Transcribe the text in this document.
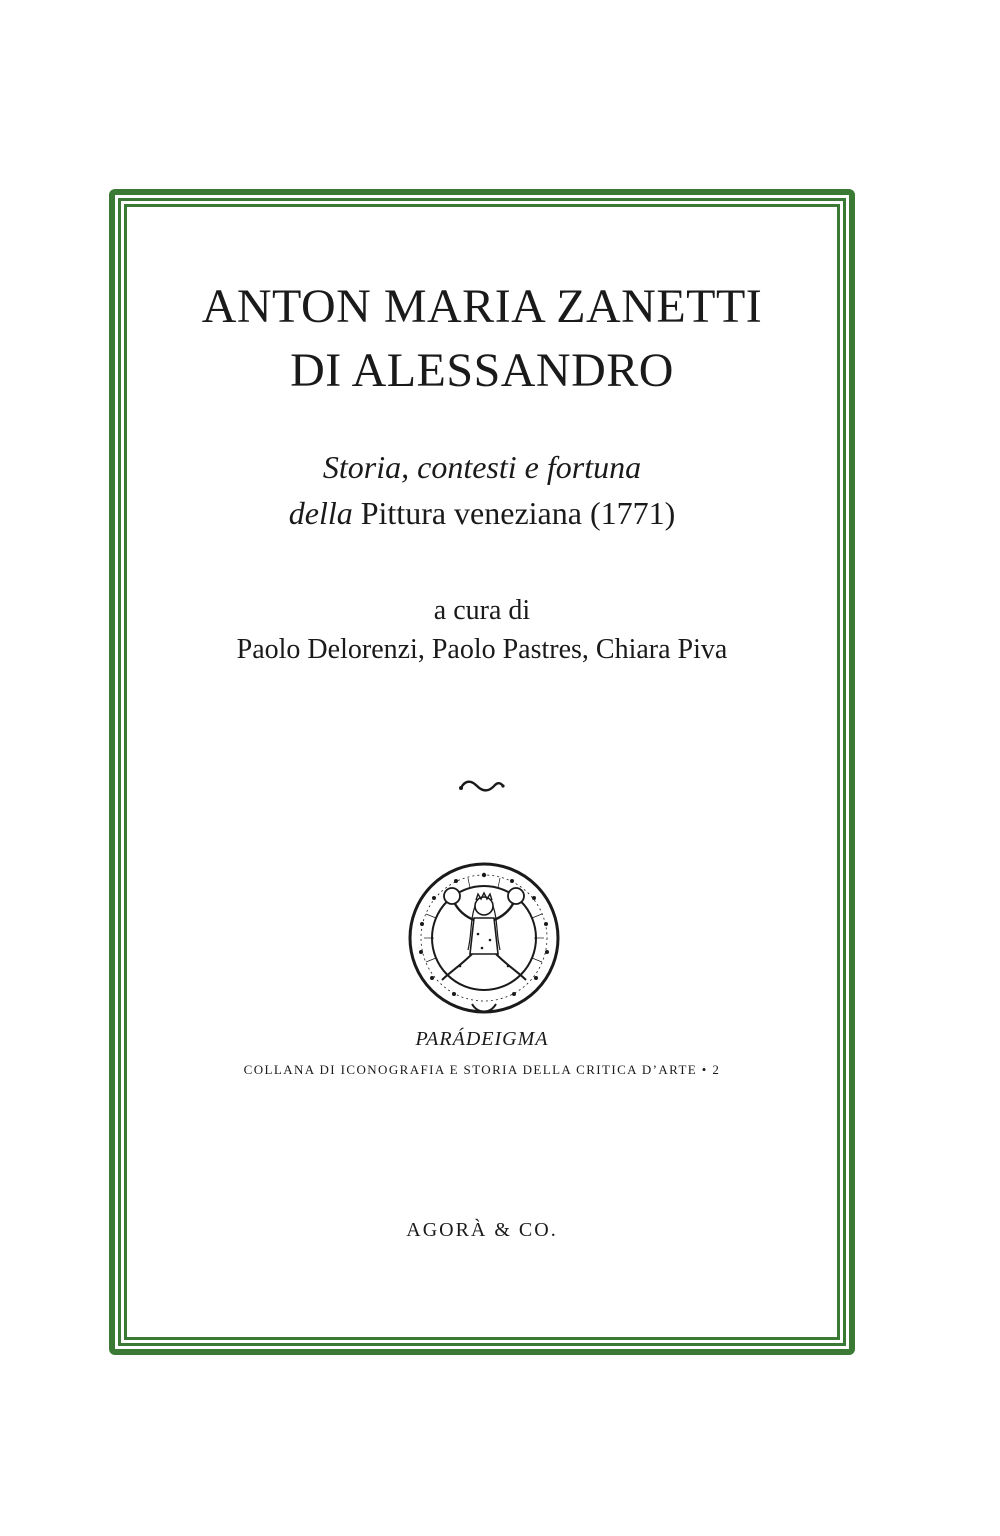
ANTON MARIA ZANETTI
DI ALESSANDRO
Storia, contesti e fortuna
della Pittura veneziana (1771)
a cura di
Paolo Delorenzi, Paolo Pastres, Chiara Piva
PARÁDEIGMA
COLLANA DI ICONOGRAFIA E STORIA DELLA CRITICA D’ARTE • 2
AGORÀ & CO.
